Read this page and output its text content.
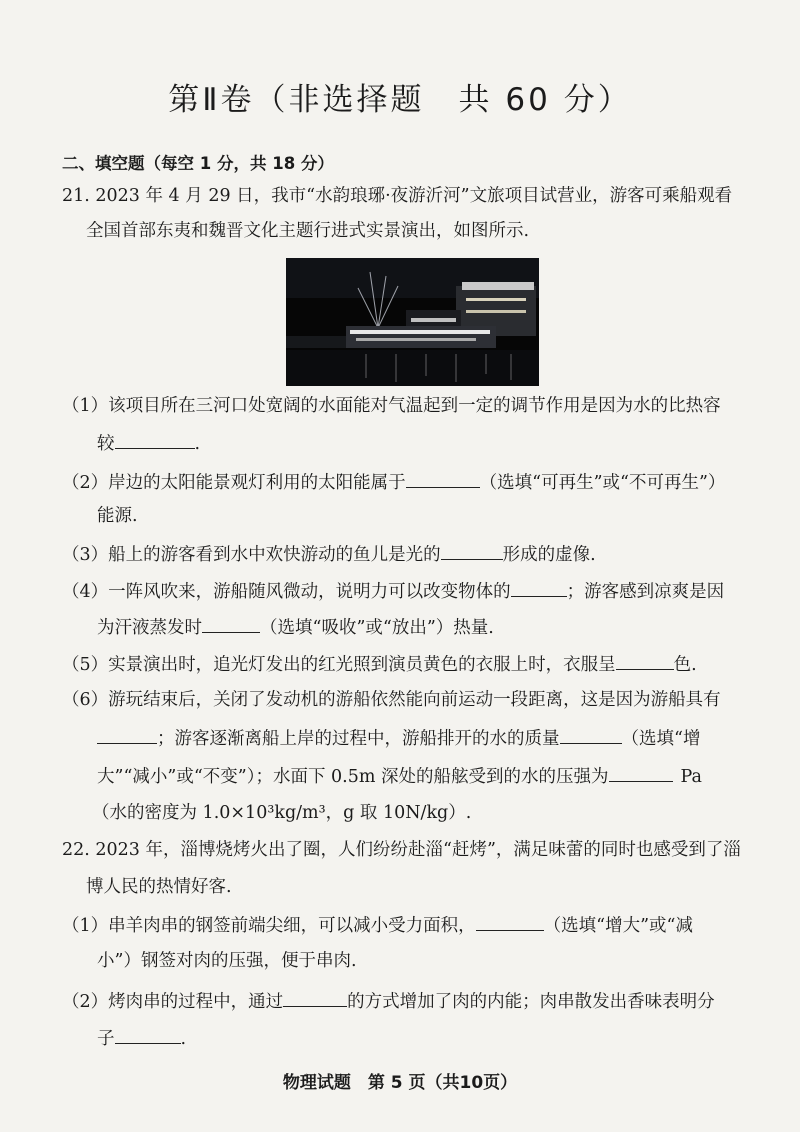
第Ⅱ卷（非选择题　共 60 分）
二、填空题（每空 1 分，共 18 分）
21. 2023 年 4 月 29 日，我市“水韵琅琊·夜游沂河”文旅项目试营业，游客可乘船观看
全国首部东夷和魏晋文化主题行进式实景演出，如图所示.
（1）该项目所在三河口处宽阔的水面能对气温起到一定的调节作用是因为水的比热容
较	.
（2）岸边的太阳能景观灯利用的太阳能属于	（选填“可再生”或“不可再生”）
能源.
（3）船上的游客看到水中欢快游动的鱼儿是光的	形成的虚像.
（4）一阵风吹来，游船随风微动，说明力可以改变物体的	；游客感到凉爽是因
为汗液蒸发时	（选填“吸收”或“放出”）热量.
（5）实景演出时，追光灯发出的红光照到演员黄色的衣服上时，衣服呈	色.
（6）游玩结束后，关闭了发动机的游船依然能向前运动一段距离，这是因为游船具有
；游客逐渐离船上岸的过程中，游船排开的水的质量	（选填“增
大”“减小”或“不变”）；水面下 0.5m 深处的船舷受到的水的压强为	Pa
（水的密度为 1.0×10³kg/m³，g 取 10N/kg）.
22. 2023 年，淄博烧烤火出了圈，人们纷纷赴淄“赶烤”，满足味蕾的同时也感受到了淄
博人民的热情好客.
（1）串羊肉串的钢签前端尖细，可以减小受力面积，	（选填“增大”或“减
小”）钢签对肉的压强，便于串肉.
（2）烤肉串的过程中，通过	的方式增加了肉的内能；肉串散发出香味表明分
子	.
物理试题　第 5 页（共10页）
